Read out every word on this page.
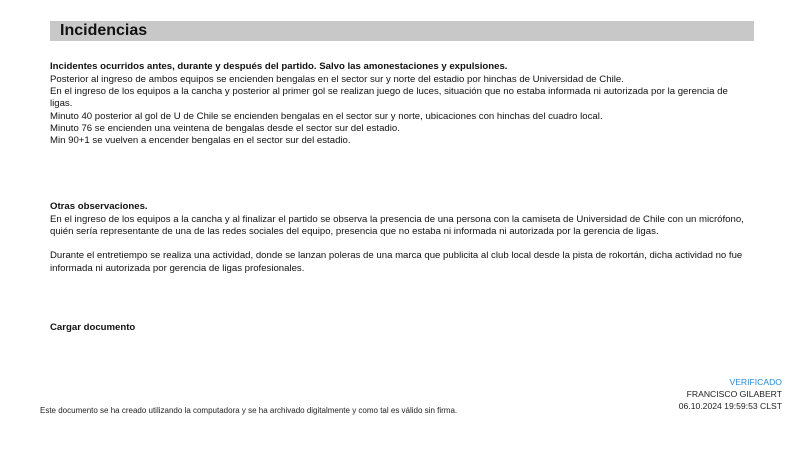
Incidencias
Incidentes ocurridos antes, durante y después del partido. Salvo las amonestaciones y expulsiones.

Posterior al ingreso de ambos equipos se encienden bengalas en el sector sur y norte del estadio por hinchas de Universidad de Chile.

En el ingreso de los equipos a la cancha y posterior al primer gol se realizan juego de luces, situación que no estaba informada ni autorizada por la gerencia de ligas.

Minuto 40 posterior al gol de U de Chile se encienden bengalas en el sector sur y norte, ubicaciones con hinchas del cuadro local.

Minuto 76 se encienden una veintena de bengalas desde el sector sur del estadio.

Min 90+1 se vuelven a encender bengalas en el sector sur del estadio.

Otras observaciones.

En el ingreso de los equipos a la cancha y al finalizar el partido se observa la presencia de una persona con la camiseta de Universidad de Chile con un micrófono, quién sería representante de una de las redes sociales del equipo, presencia que no estaba ni informada ni autorizada por la gerencia de ligas.

Durante el entretiempo se realiza una actividad, donde se lanzan poleras de una marca que publicita al club local desde la pista de rokortán, dicha actividad no fue informada ni autorizada por gerencia de ligas profesionales.

Cargar documento
Este documento se ha creado utilizando la computadora y se ha archivado digitalmente y como tal es válido sin firma.
VERIFICADO
FRANCISCO GILABERT
06.10.2024 19:59:53 CLST
